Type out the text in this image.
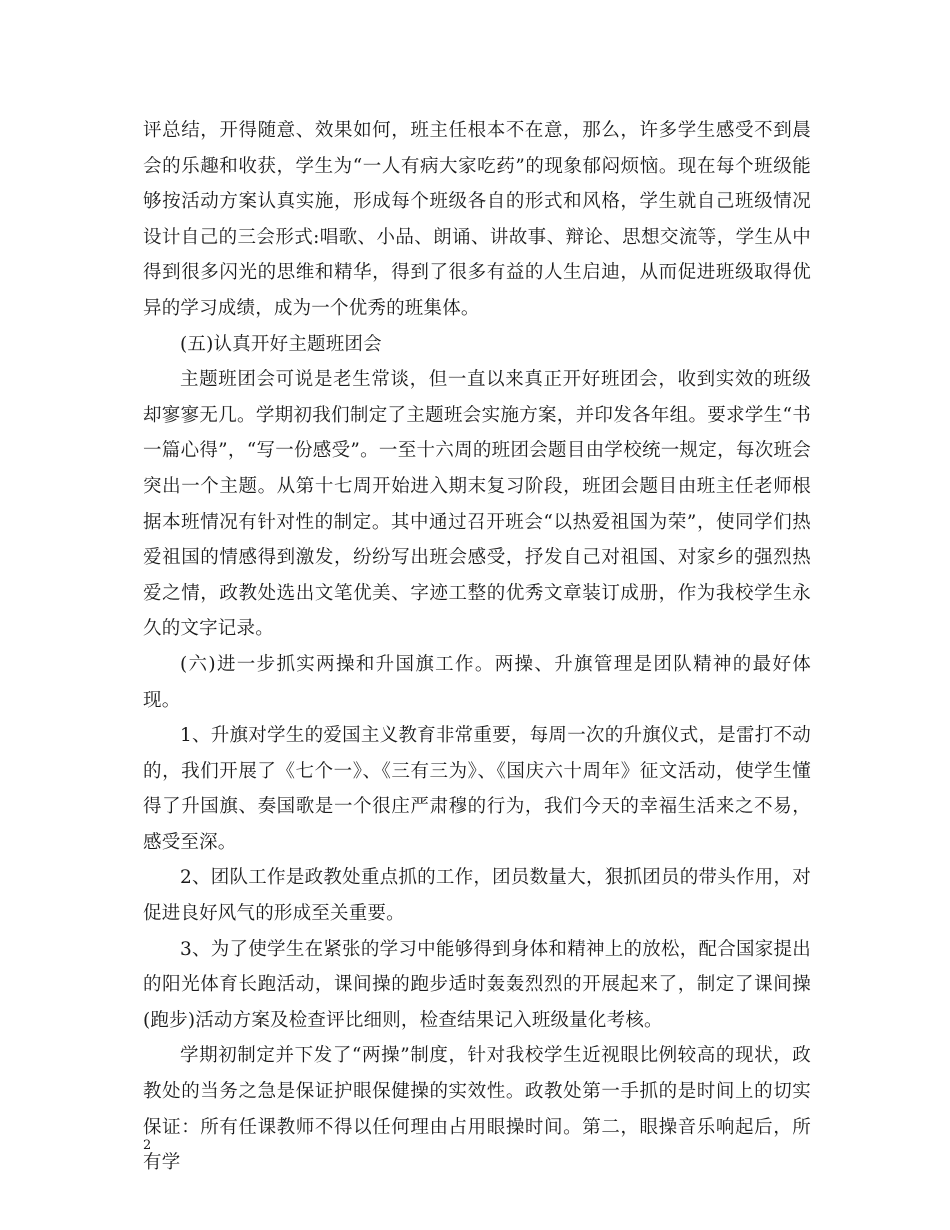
评总结，开得随意、效果如何，班主任根本不在意，那么，许多学生感受不到晨会的乐趣和收获，学生为“一人有病大家吃药”的现象郁闷烦恼。现在每个班级能够按活动方案认真实施，形成每个班级各自的形式和风格，学生就自己班级情况设计自己的三会形式:唱歌、小品、朗诵、讲故事、辩论、思想交流等，学生从中得到很多闪光的思维和精华，得到了很多有益的人生启迪，从而促进班级取得优异的学习成绩，成为一个优秀的班集体。

(五)认真开好主题班团会

主题班团会可说是老生常谈，但一直以来真正开好班团会，收到实效的班级却寥寥无几。学期初我们制定了主题班会实施方案，并印发各年组。要求学生“书一篇心得”，“写一份感受”。一至十六周的班团会题目由学校统一规定，每次班会突出一个主题。从第十七周开始进入期末复习阶段，班团会题目由班主任老师根据本班情况有针对性的制定。其中通过召开班会“以热爱祖国为荣”，使同学们热爱祖国的情感得到激发，纷纷写出班会感受，抒发自己对祖国、对家乡的强烈热爱之情，政教处选出文笔优美、字迹工整的优秀文章装订成册，作为我校学生永久的文字记录。

(六)进一步抓实两操和升国旗工作。两操、升旗管理是团队精神的最好体现。

1、升旗对学生的爱国主义教育非常重要，每周一次的升旗仪式，是雷打不动的，我们开展了《七个一》、《三有三为》、《国庆六十周年》征文活动，使学生懂得了升国旗、奏国歌是一个很庄严肃穆的行为，我们今天的幸福生活来之不易，感受至深。

2、团队工作是政教处重点抓的工作，团员数量大，狠抓团员的带头作用，对促进良好风气的形成至关重要。

3、为了使学生在紧张的学习中能够得到身体和精神上的放松，配合国家提出的阳光体育长跑活动，课间操的跑步适时轰轰烈烈的开展起来了，制定了课间操(跑步)活动方案及检查评比细则，检查结果记入班级量化考核。

学期初制定并下发了“两操”制度，针对我校学生近视眼比例较高的现状，政教处的当务之急是保证护眼保健操的实效性。政教处第一手抓的是时间上的切实保证：所有任课教师不得以任何理由占用眼操时间。第二，眼操音乐响起后，所有学

2
